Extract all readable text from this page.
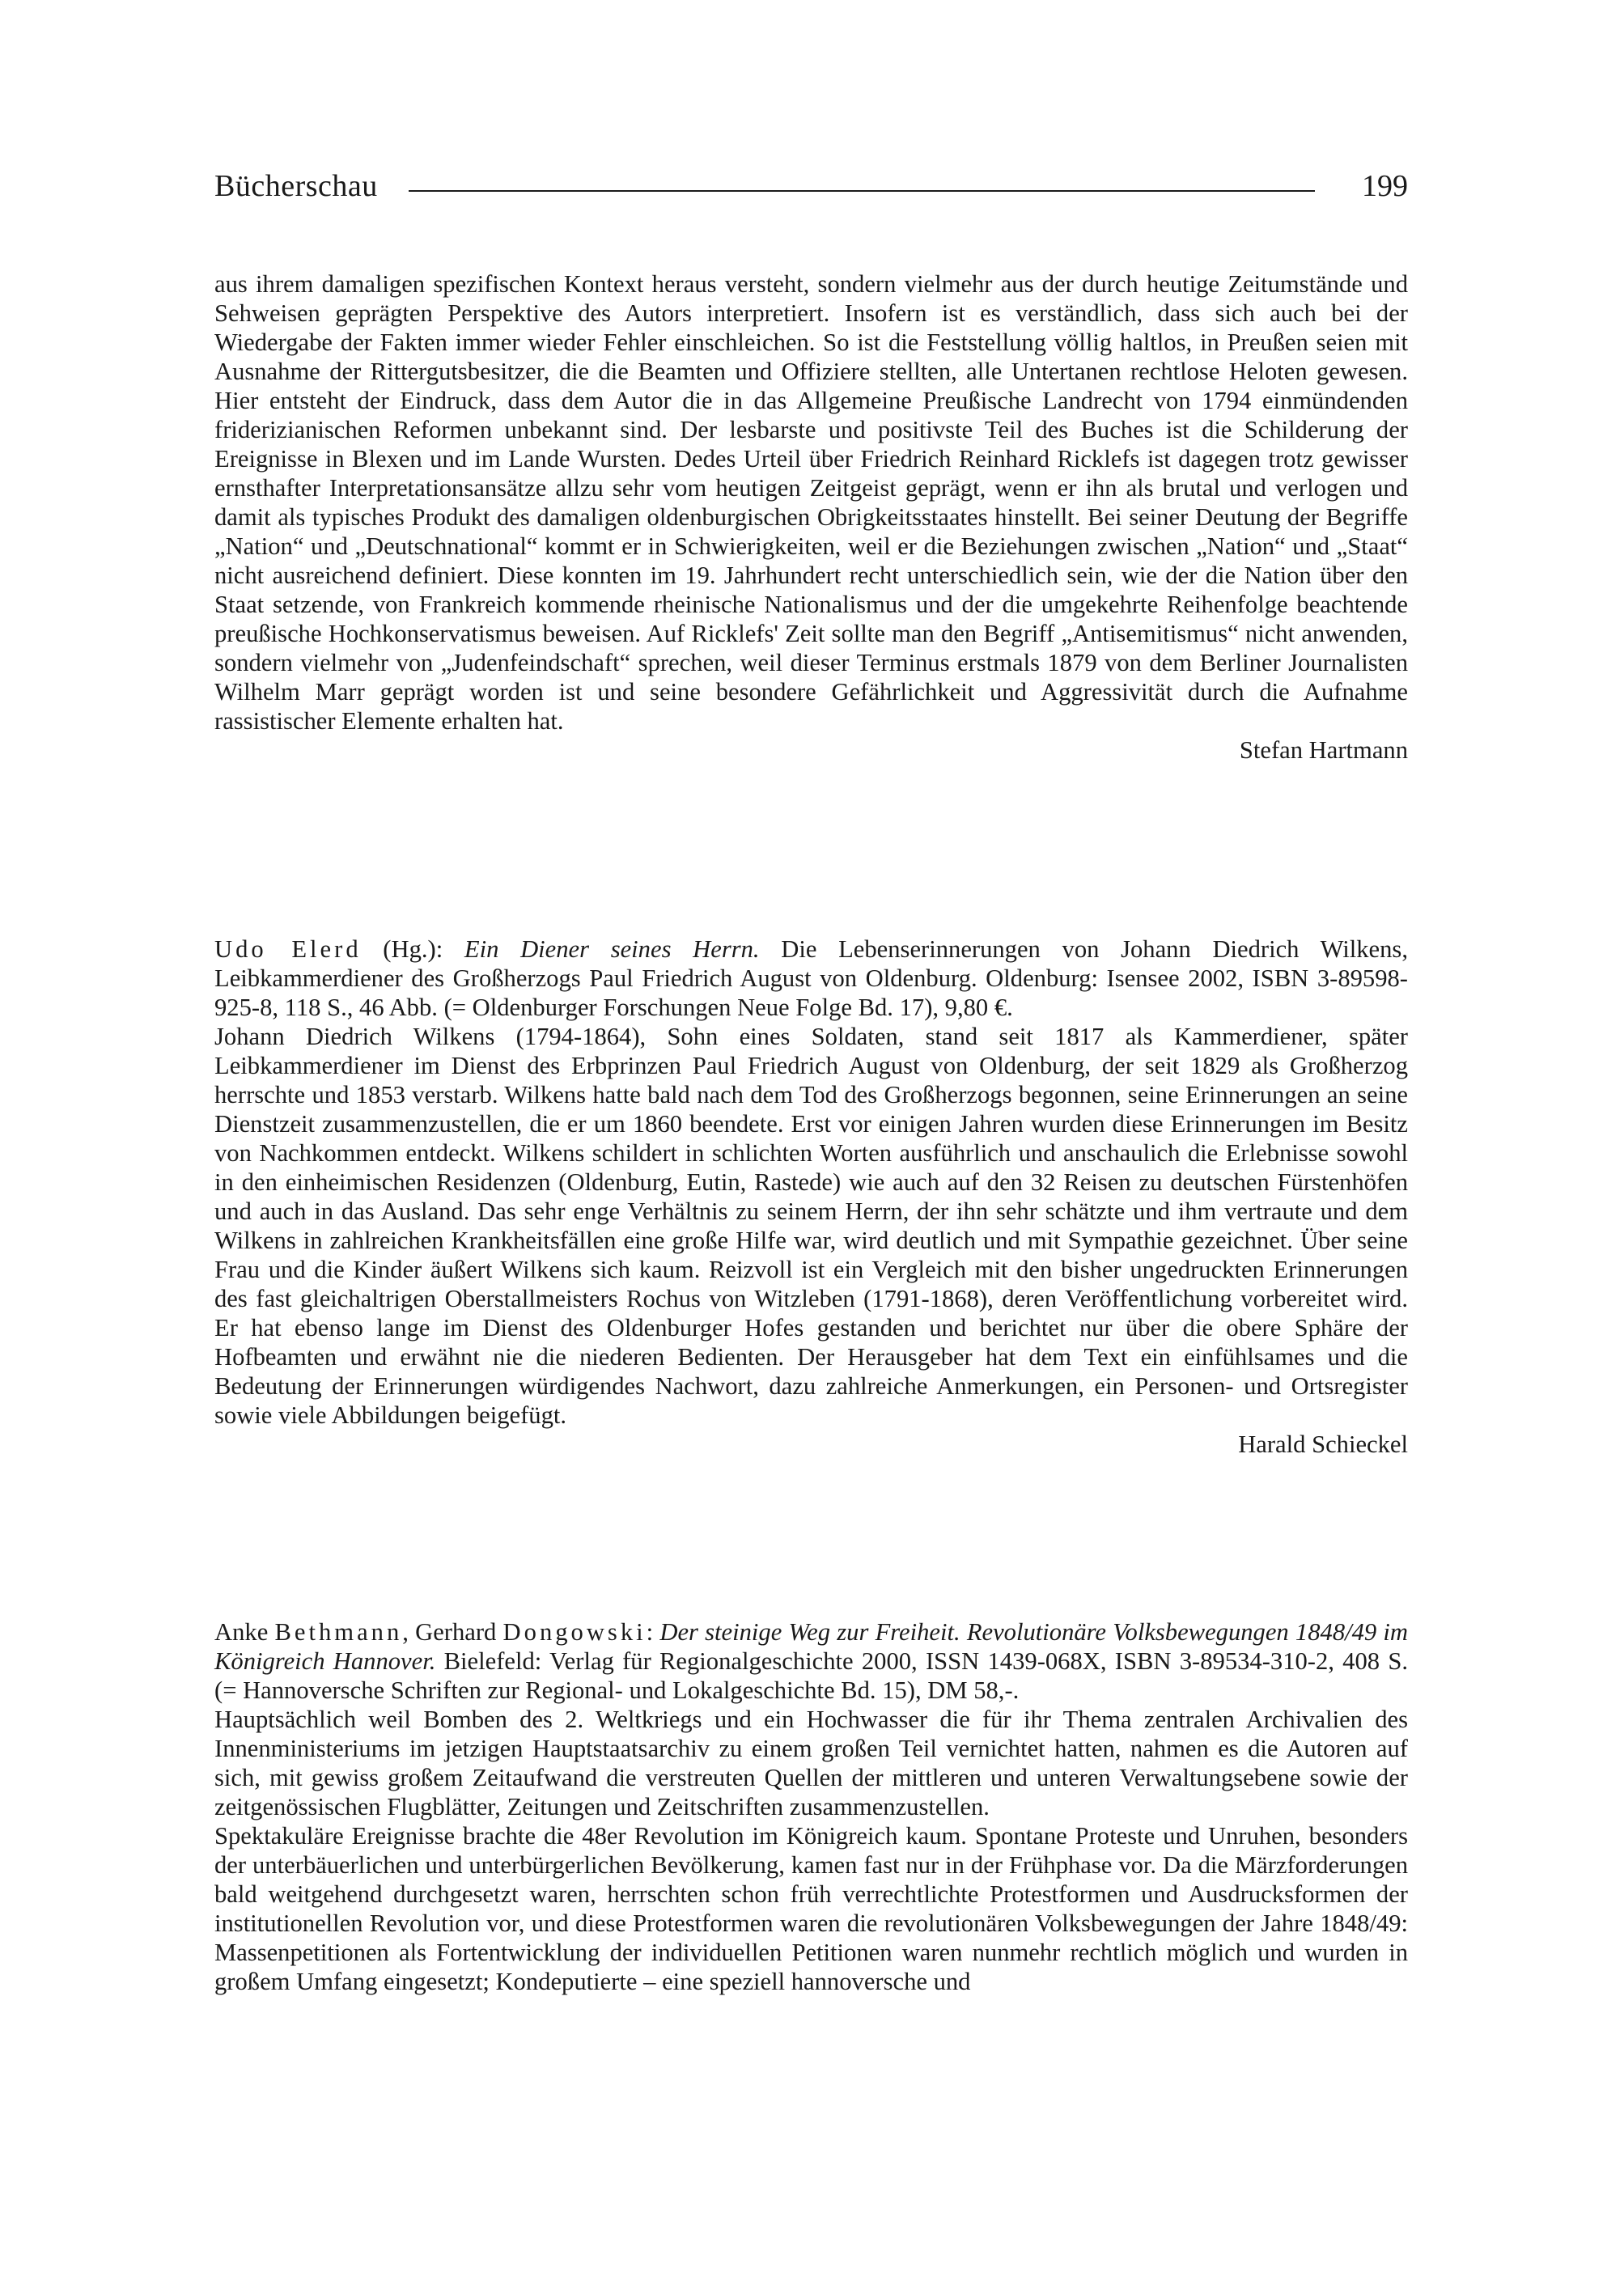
Bücherschau	199

aus ihrem damaligen spezifischen Kontext heraus versteht, sondern vielmehr aus der durch heutige Zeitumstände und Sehweisen geprägten Perspektive des Autors interpretiert. Insofern ist es verständlich, dass sich auch bei der Wiedergabe der Fakten immer wieder Fehler einschleichen. So ist die Feststellung völlig haltlos, in Preußen seien mit Ausnahme der Rittergutsbesitzer, die die Beamten und Offiziere stellten, alle Untertanen rechtlose Heloten gewesen. Hier entsteht der Eindruck, dass dem Autor die in das Allgemeine Preußische Landrecht von 1794 einmündenden friderizianischen Reformen unbekannt sind. Der lesbarste und positivste Teil des Buches ist die Schilderung der Ereignisse in Blexen und im Lande Wursten. Dedes Urteil über Friedrich Reinhard Ricklefs ist dagegen trotz gewisser ernsthafter Interpretationsansätze allzu sehr vom heutigen Zeitgeist geprägt, wenn er ihn als brutal und verlogen und damit als typisches Produkt des damaligen oldenburgischen Obrigkeitsstaates hinstellt. Bei seiner Deutung der Begriffe „Nation“ und „Deutschnational“ kommt er in Schwierigkeiten, weil er die Beziehungen zwischen „Nation“ und „Staat“ nicht ausreichend definiert. Diese konnten im 19. Jahrhundert recht unterschiedlich sein, wie der die Nation über den Staat setzende, von Frankreich kommende rheinische Nationalismus und der die umgekehrte Reihenfolge beachtende preußische Hochkonservatismus beweisen. Auf Ricklefs' Zeit sollte man den Begriff „Antisemitismus“ nicht anwenden, sondern vielmehr von „Judenfeindschaft“ sprechen, weil dieser Terminus erstmals 1879 von dem Berliner Journalisten Wilhelm Marr geprägt worden ist und seine besondere Gefährlichkeit und Aggressivität durch die Aufnahme rassistischer Elemente erhalten hat.

Stefan Hartmann

Udo Elerd (Hg.): Ein Diener seines Herrn. Die Lebenserinnerungen von Johann Diedrich Wilkens, Leibkammerdiener des Großherzogs Paul Friedrich August von Oldenburg. Oldenburg: Isensee 2002, ISBN 3-89598-925-8, 118 S., 46 Abb. (= Oldenburger Forschungen Neue Folge Bd. 17), 9,80 €.

Johann Diedrich Wilkens (1794-1864), Sohn eines Soldaten, stand seit 1817 als Kammerdiener, später Leibkammerdiener im Dienst des Erbprinzen Paul Friedrich August von Oldenburg, der seit 1829 als Großherzog herrschte und 1853 verstarb. Wilkens hatte bald nach dem Tod des Großherzogs begonnen, seine Erinnerungen an seine Dienstzeit zusammenzustellen, die er um 1860 beendete. Erst vor einigen Jahren wurden diese Erinnerungen im Besitz von Nachkommen entdeckt. Wilkens schildert in schlichten Worten ausführlich und anschaulich die Erlebnisse sowohl in den einheimischen Residenzen (Oldenburg, Eutin, Rastede) wie auch auf den 32 Reisen zu deutschen Fürstenhöfen und auch in das Ausland. Das sehr enge Verhältnis zu seinem Herrn, der ihn sehr schätzte und ihm vertraute und dem Wilkens in zahlreichen Krankheitsfällen eine große Hilfe war, wird deutlich und mit Sympathie gezeichnet. Über seine Frau und die Kinder äußert Wilkens sich kaum. Reizvoll ist ein Vergleich mit den bisher ungedruckten Erinnerungen des fast gleichaltrigen Oberstallmeisters Rochus von Witzleben (1791-1868), deren Veröffentlichung vorbereitet wird. Er hat ebenso lange im Dienst des Oldenburger Hofes gestanden und berichtet nur über die obere Sphäre der Hofbeamten und erwähnt nie die niederen Bedienten. Der Herausgeber hat dem Text ein einfühlsames und die Bedeutung der Erinnerungen würdigendes Nachwort, dazu zahlreiche Anmerkungen, ein Personen- und Ortsregister sowie viele Abbildungen beigefügt.

Harald Schieckel

Anke Bethmann, Gerhard Dongowski: Der steinige Weg zur Freiheit. Revolutionäre Volksbewegungen 1848/49 im Königreich Hannover. Bielefeld: Verlag für Regionalgeschichte 2000, ISSN 1439-068X, ISBN 3-89534-310-2, 408 S. (= Hannoversche Schriften zur Regional- und Lokalgeschichte Bd. 15), DM 58,-.

Hauptsächlich weil Bomben des 2. Weltkriegs und ein Hochwasser die für ihr Thema zentralen Archivalien des Innenministeriums im jetzigen Hauptstaatsarchiv zu einem großen Teil vernichtet hatten, nahmen es die Autoren auf sich, mit gewiss großem Zeitaufwand die verstreuten Quellen der mittleren und unteren Verwaltungsebene sowie der zeitgenössischen Flugblätter, Zeitungen und Zeitschriften zusammenzustellen.

Spektakuläre Ereignisse brachte die 48er Revolution im Königreich kaum. Spontane Proteste und Unruhen, besonders der unterbäuerlichen und unterbürgerlichen Bevölkerung, kamen fast nur in der Frühphase vor. Da die Märzforderungen bald weitgehend durchgesetzt waren, herrschten schon früh verrechtlichte Protestformen und Ausdrucksformen der institutionellen Revolution vor, und diese Protestformen waren die revolutionären Volksbewegungen der Jahre 1848/49: Massenpetitionen als Fortentwicklung der individuellen Petitionen waren nunmehr rechtlich möglich und wurden in großem Umfang eingesetzt; Kondeputierte – eine speziell hannoversche und
